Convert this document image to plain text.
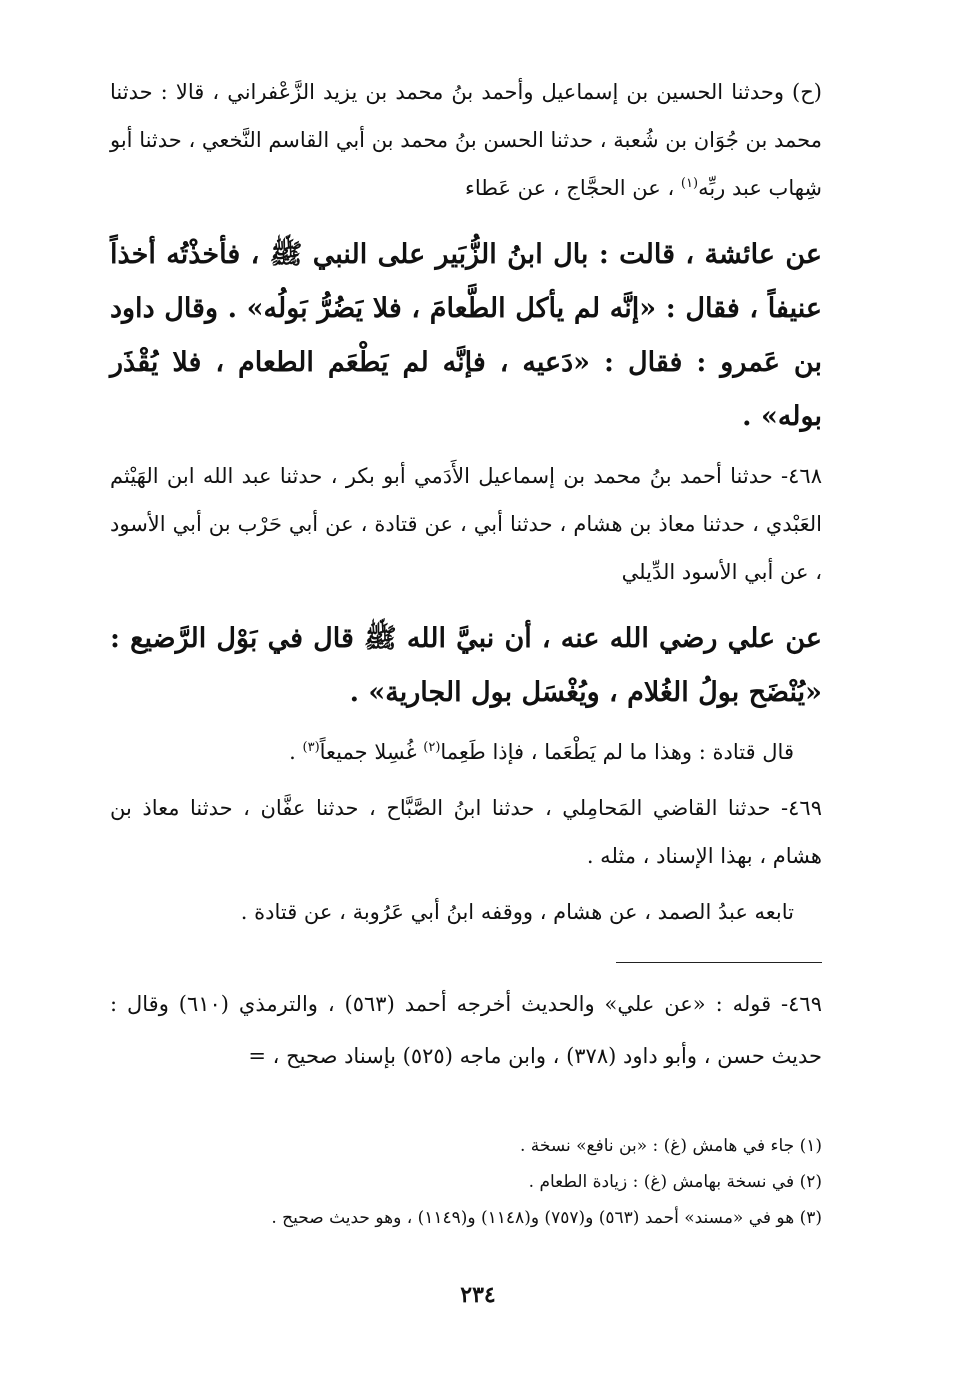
(ح) وحدثنا الحسين بن إسماعيل وأحمد بنُ محمد بن يزيد الزَّعْفراني ، قالا : حدثنا محمد بن جُوَان بن شُعبة ، حدثنا الحسن بنُ محمد بن أبي القاسم النَّخعي ، حدثنا أبو شِهاب عبد ربِّه$^{(١)}$ ، عن الحجَّاج ، عن عَطاء

عن عائشة ، قالت : بال ابنُ الزُّبَير على النبي ﷺ ، فأخذْتُه أخذاً عنيفاً ، فقال : «إنَّه لم يأكل الطَّعامَ ، فلا يَضُرُّ بَولُه» . وقال داود بن عَمرو : فقال : «دَعيه ، فإنَّه لم يَطْعَم الطعام ، فلا يُقْذَر بوله» .

٤٦٨- حدثنا أحمد بنُ محمد بن إسماعيل الأَدَمي أبو بكر ، حدثنا عبد الله ابن الهَيْثم العَبْدي ، حدثنا معاذ بن هشام ، حدثنا أبي ، عن قتادة ، عن أبي حَرْب بن أبي الأسود ، عن أبي الأسود الدِّيلي

عن علي رضي الله عنه ، أن نبيَّ الله ﷺ قال في بَوْل الرَّضيع : «يُنْضَح بولُ الغُلام ، ويُغْسَل بول الجارية» .

قال قتادة : وهذا ما لم يَطْعَما ، فإذا طَعِما$^{(٢)}$ غُسِلا جميعاً$^{(٣)}$ .

٤٦٩- حدثنا القاضي المَحامِلي ، حدثنا ابنُ الصَّبَّاح ، حدثنا عفَّان ، حدثنا معاذ بن هشام ، بهذا الإسناد ، مثله .

تابعه عبدُ الصمد ، عن هشام ، ووقفه ابنُ أبي عَرُوبة ، عن قتادة .

٤٦٩- قوله : «عن علي» والحديث أخرجه أحمد (٥٦٣) ، والترمذي (٦١٠) وقال : حديث حسن ، وأبو داود (٣٧٨) ، وابن ماجه (٥٢٥) بإسناد صحيح ، =

(١) جاء في هامش (غ) : «بن نافع» نسخة .

(٢) في نسخة بهامش (غ) : زيادة الطعام .

(٣) هو في «مسند» أحمد (٥٦٣) و(٧٥٧) و(١١٤٨) و(١١٤٩) ، وهو حديث صحيح .

٢٣٤
